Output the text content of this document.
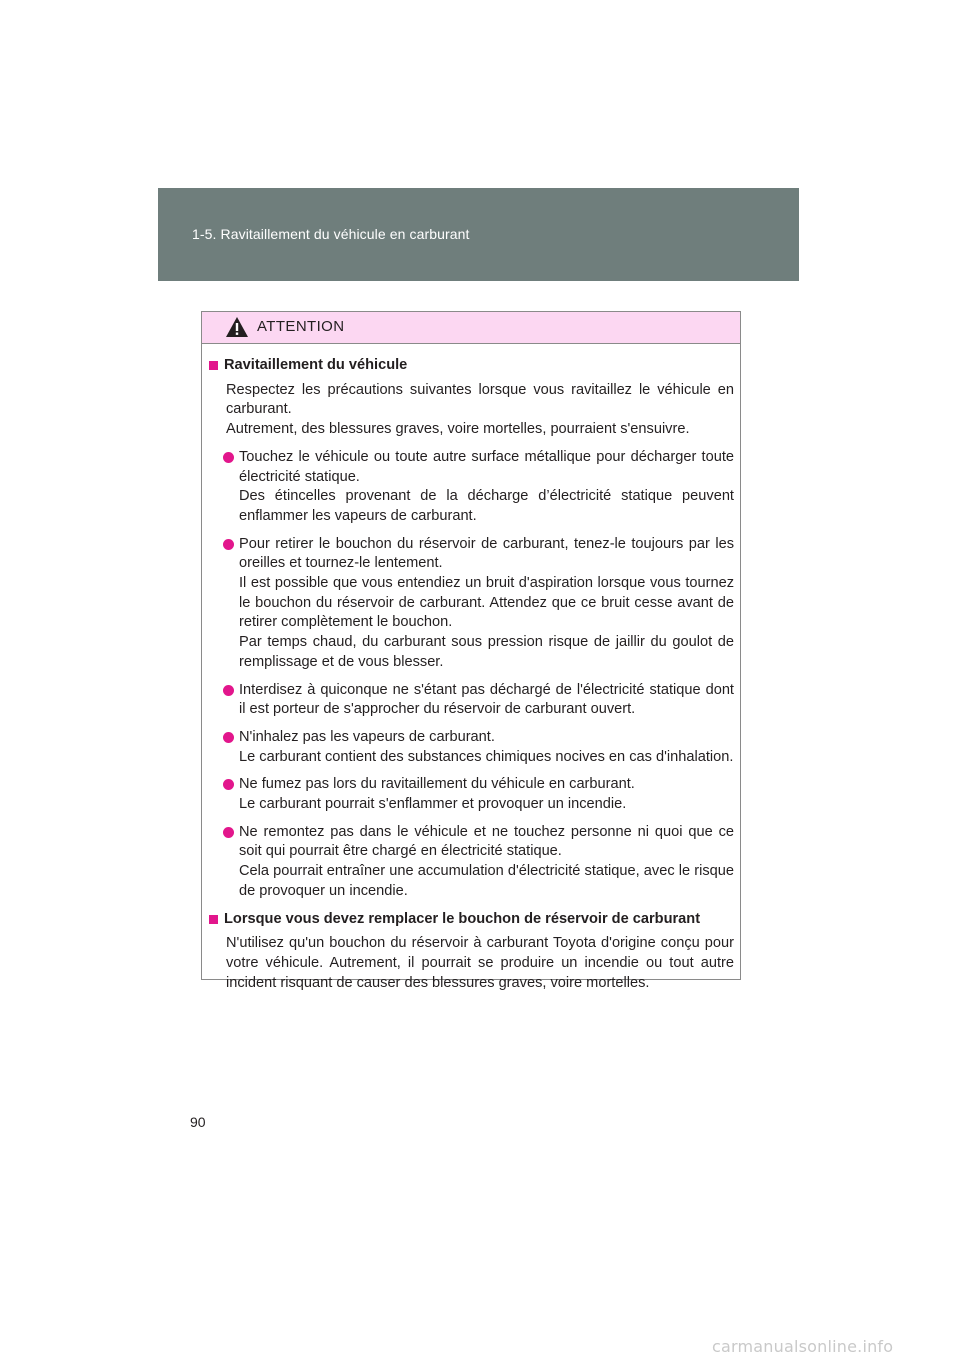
1-5. Ravitaillement du véhicule en carburant
ATTENTION
Ravitaillement du véhicule

Respectez les précautions suivantes lorsque vous ravitaillez le véhicule en carburant.

Autrement, des blessures graves, voire mortelles, pourraient s'ensuivre.

Touchez le véhicule ou toute autre surface métallique pour décharger toute électricité statique.

Des étincelles provenant de la décharge d’électricité statique peuvent enflammer les vapeurs de carburant.

Pour retirer le bouchon du réservoir de carburant, tenez-le toujours par les oreilles et tournez-le lentement.

Il est possible que vous entendiez un bruit d'aspiration lorsque vous tournez le bouchon du réservoir de carburant. Attendez que ce bruit cesse avant de retirer complètement le bouchon.

Par temps chaud, du carburant sous pression risque de jaillir du goulot de remplissage et de vous blesser.

Interdisez à quiconque ne s'étant pas déchargé de l'électricité statique dont il est porteur de s'approcher du réservoir de carburant ouvert.

N'inhalez pas les vapeurs de carburant.

Le carburant contient des substances chimiques nocives en cas d'inhalation.

Ne fumez pas lors du ravitaillement du véhicule en carburant.

Le carburant pourrait s'enflammer et provoquer un incendie.

Ne remontez pas dans le véhicule et ne touchez personne ni quoi que ce soit qui pourrait être chargé en électricité statique.

Cela pourrait entraîner une accumulation d'électricité statique, avec le risque de provoquer un incendie.

Lorsque vous devez remplacer le bouchon de réservoir de carburant

N'utilisez qu'un bouchon du réservoir à carburant Toyota d'origine conçu pour votre véhicule. Autrement, il pourrait se produire un incendie ou tout autre incident risquant de causer des blessures graves, voire mortelles.

90
carmanualsonline.info
